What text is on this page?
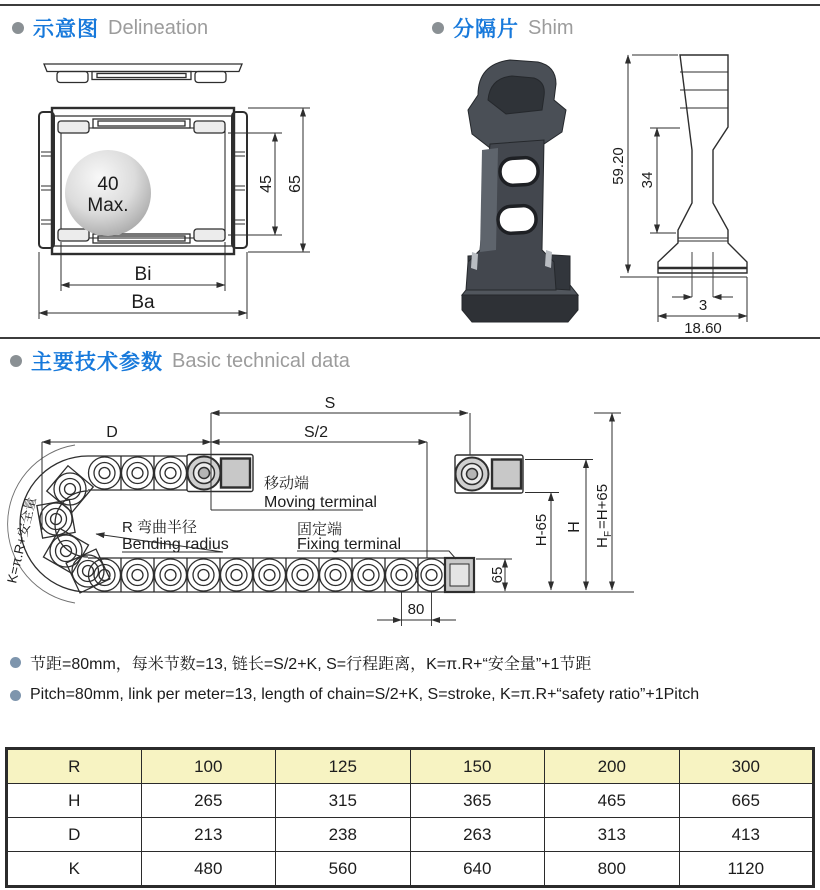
示意图 Delineation	分隔片 Shim
主要技术参数 Basic technical data
40
Max.
45 65
Bi
Ba
59.20 34
3
18.60
S
S/2
D
移动端
Moving terminal
固定端
Fixing terminal
R 弯曲半径
Bending radius
K=π.R+安全量	H-65 H
H
F
=H+65
65
80
节距=80mm，每米节数=13, 链长=S/2+K, S=行程距离，K=π.R+“安全量”+1节距
Pitch=80mm, link per meter=13, length of chain=S/2+K, S=stroke, K=π.R+“safety ratio”+1Pitch
R	100	125	150	200	300
H	265	315	365	465	665
D	213	238	263	313	413
K	480	560	640	800	1120
